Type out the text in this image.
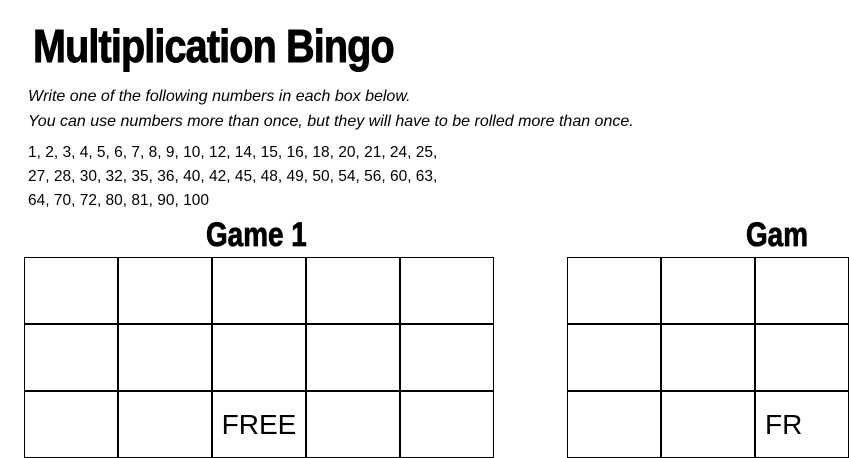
Multiplication Bingo
Write one of the following numbers in each box below.
You can use numbers more than once, but they will have to be rolled more than once.
1, 2, 3, 4, 5, 6, 7, 8, 9, 10, 12, 14, 15, 16, 18, 20, 21, 24, 25,
27, 28, 30, 32, 35, 36, 40, 42, 45, 48, 49, 50, 54, 56, 60, 63,
64, 70, 72, 80, 81, 90, 100
Game 1	Gam
FREE	FR
